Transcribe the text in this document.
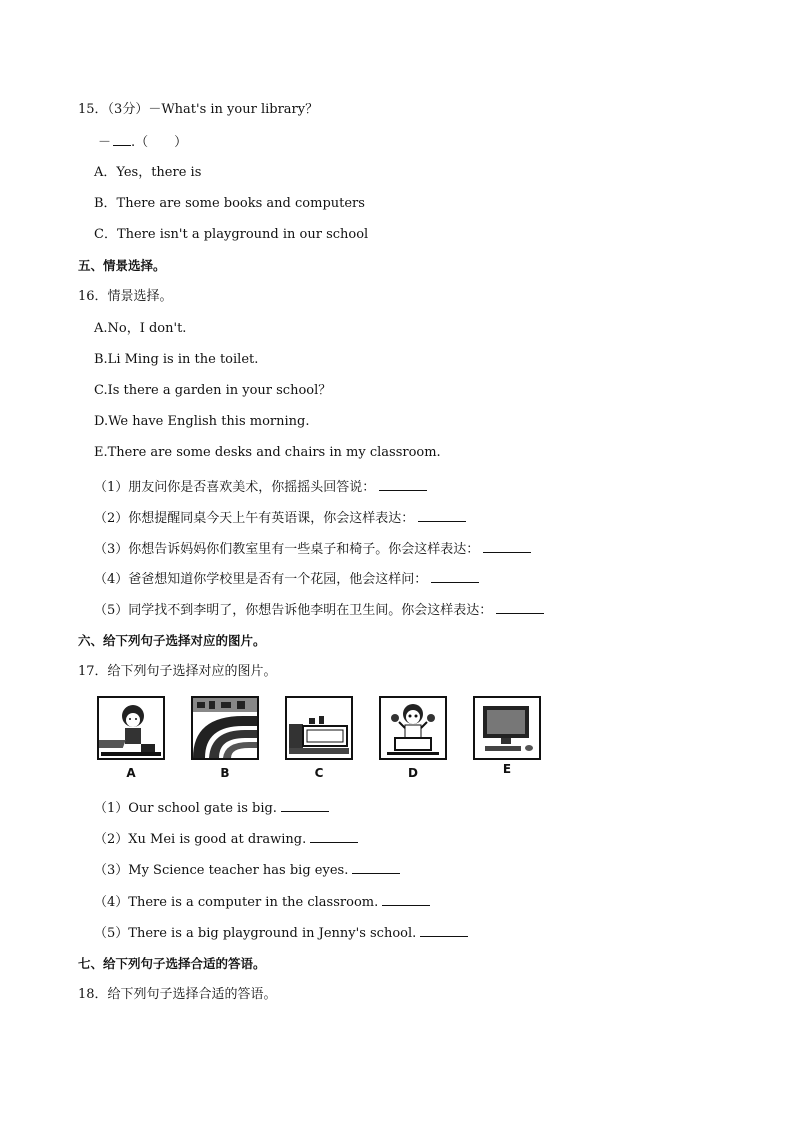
15．（3分）－What's in your library？
－ .（　　）
A．Yes，there is
B．There are some books and computers
C．There isn't a playground in our school
五、情景选择。
16．情景选择。
A.No，I don't.
B.Li Ming is in the toilet.
C.Is there a garden in your school？
D.We have English this morning.
E.There are some desks and chairs in my classroom.
（1）朋友问你是否喜欢美术，你摇摇头回答说：
（2）你想提醒同桌今天上午有英语课，你会这样表达：
（3）你想告诉妈妈你们教室里有一些桌子和椅子。你会这样表达：
（4）爸爸想知道你学校里是否有一个花园，他会这样问：
（5）同学找不到李明了，你想告诉他李明在卫生间。你会这样表达：
六、给下列句子选择对应的图片。
17．给下列句子选择对应的图片。
A	B	C	D	E
（1）Our school gate is big.
（2）Xu Mei is good at drawing.
（3）My Science teacher has big eyes.
（4）There is a computer in the classroom.
（5）There is a big playground in Jenny's school.
七、给下列句子选择合适的答语。
18．给下列句子选择合适的答语。
